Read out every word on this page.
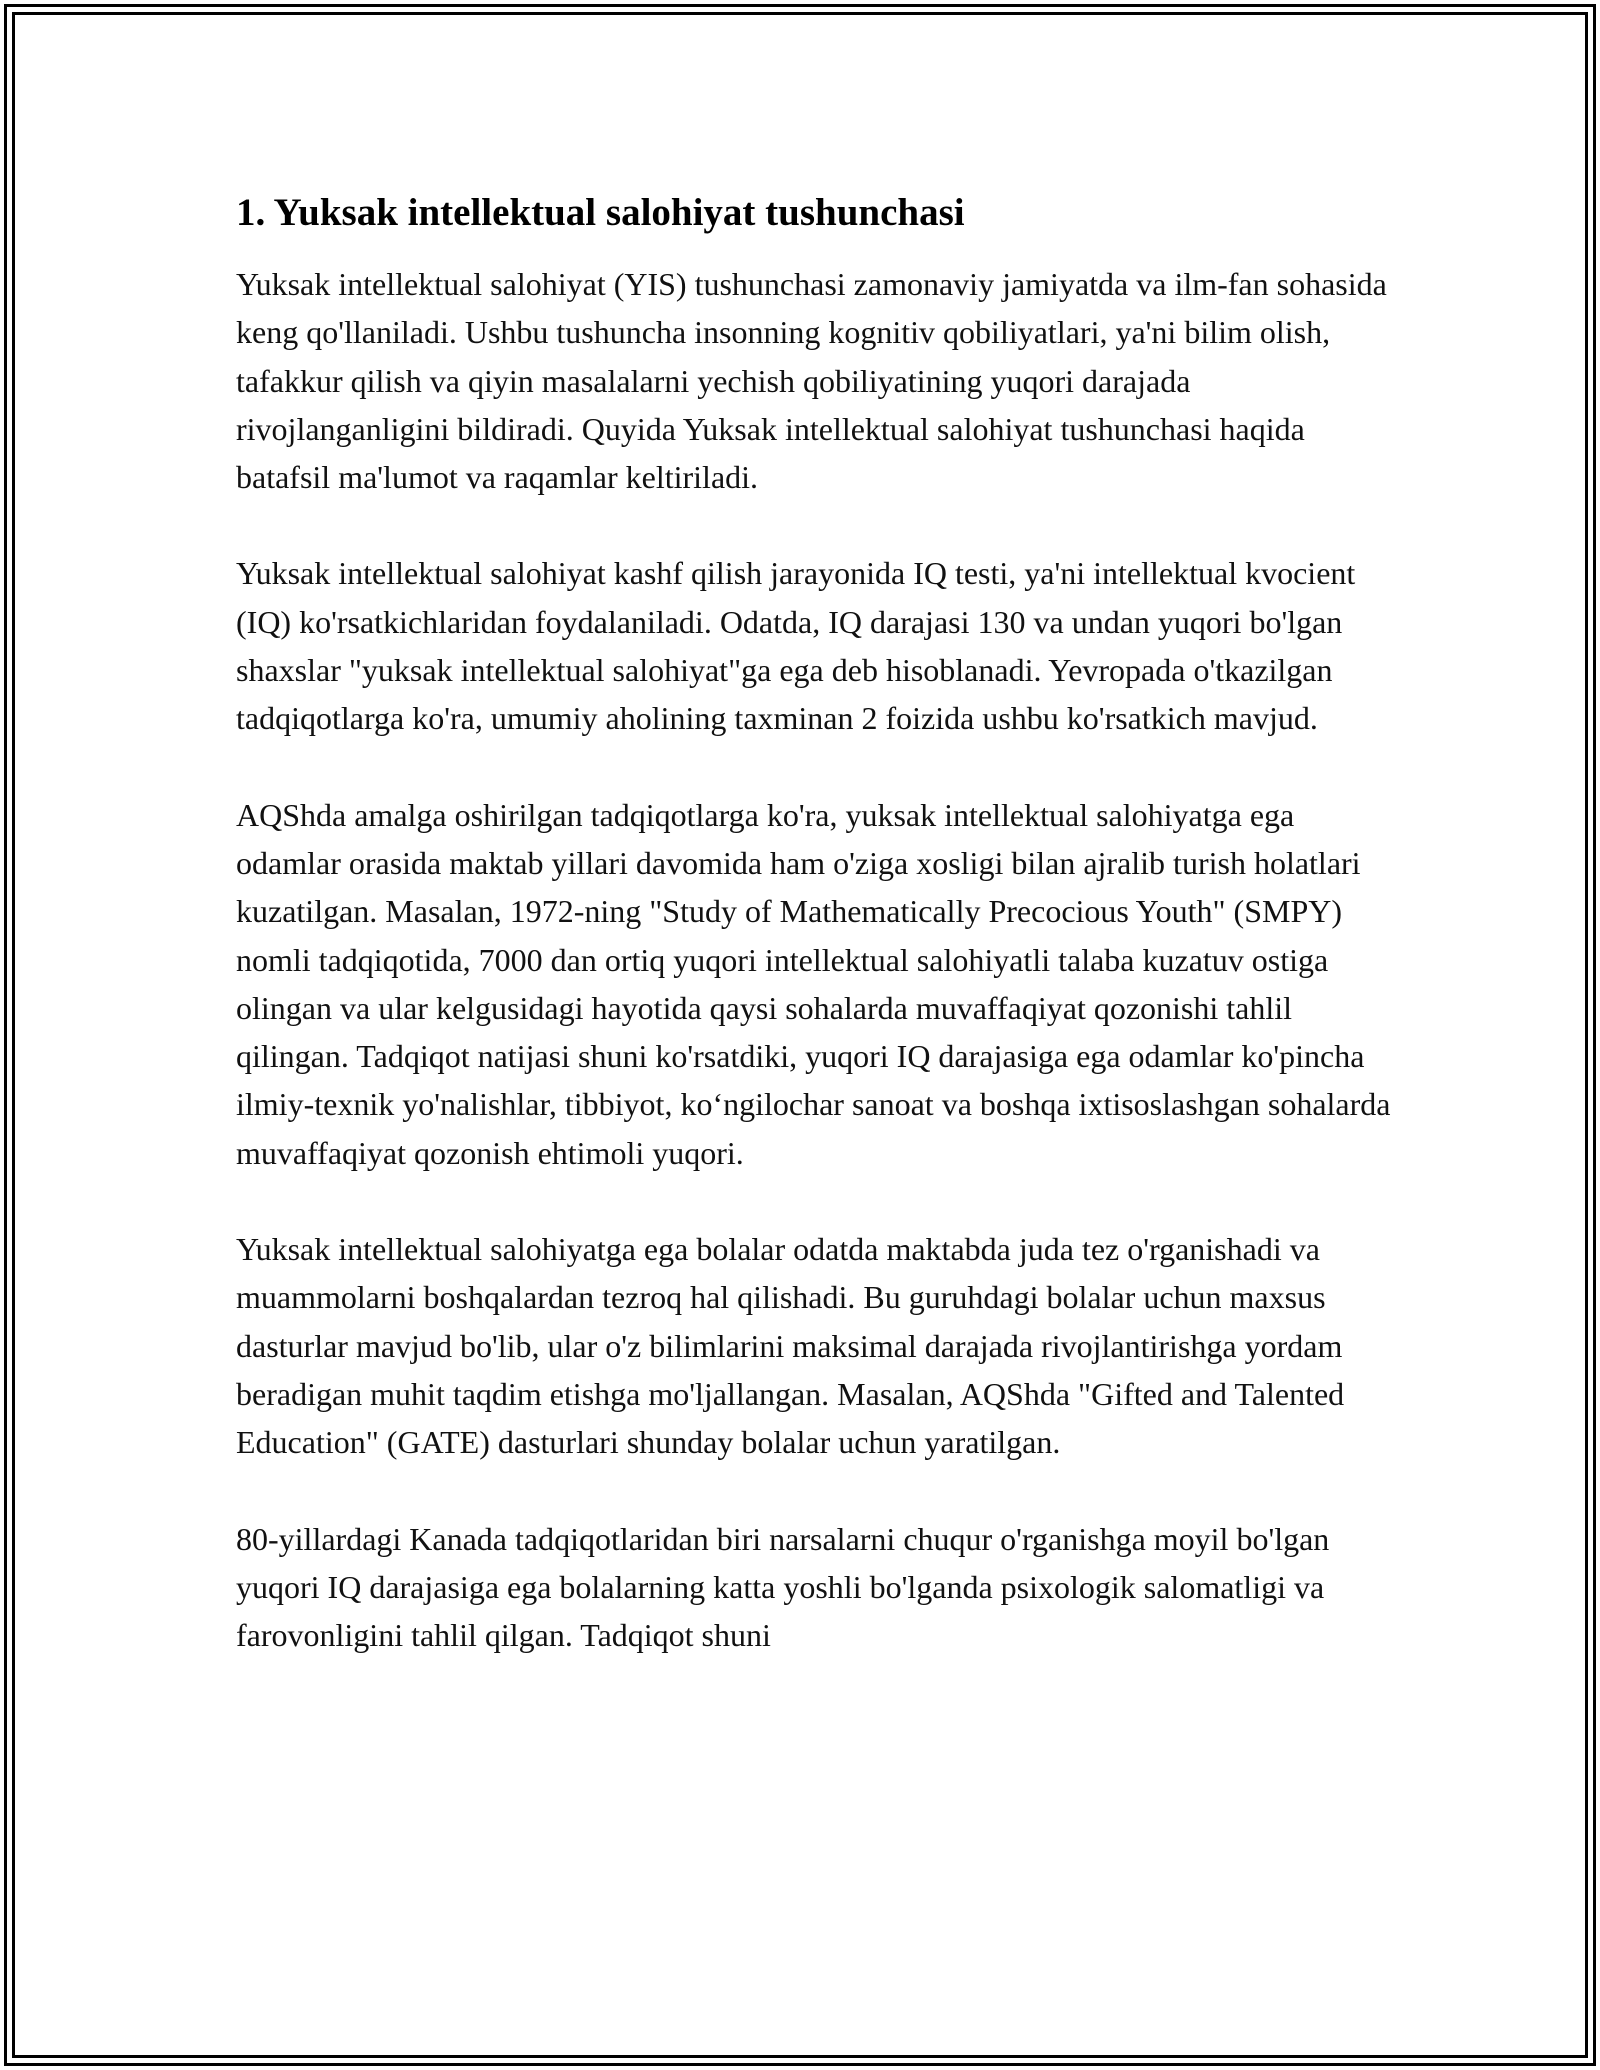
1. Yuksak intellektual salohiyat tushunchasi

Yuksak intellektual salohiyat (YIS) tushunchasi zamonaviy jamiyatda va ilm-fan sohasida keng qo'llaniladi. Ushbu tushuncha insonning kognitiv qobiliyatlari, ya'ni bilim olish, tafakkur qilish va qiyin masalalarni yechish qobiliyatining yuqori darajada rivojlanganligini bildiradi. Quyida Yuksak intellektual salohiyat tushunchasi haqida batafsil ma'lumot va raqamlar keltiriladi.

Yuksak intellektual salohiyat kashf qilish jarayonida IQ testi, ya'ni intellektual kvocient (IQ) ko'rsatkichlaridan foydalaniladi. Odatda, IQ darajasi 130 va undan yuqori bo'lgan shaxslar "yuksak intellektual salohiyat"ga ega deb hisoblanadi. Yevropada o'tkazilgan tadqiqotlarga ko'ra, umumiy aholining taxminan 2 foizida ushbu ko'rsatkich mavjud.

AQShda amalga oshirilgan tadqiqotlarga ko'ra, yuksak intellektual salohiyatga ega odamlar orasida maktab yillari davomida ham o'ziga xosligi bilan ajralib turish holatlari kuzatilgan. Masalan, 1972-ning "Study of Mathematically Precocious Youth" (SMPY) nomli tadqiqotida, 7000 dan ortiq yuqori intellektual salohiyatli talaba kuzatuv ostiga olingan va ular kelgusidagi hayotida qaysi sohalarda muvaffaqiyat qozonishi tahlil qilingan. Tadqiqot natijasi shuni ko'rsatdiki, yuqori IQ darajasiga ega odamlar ko'pincha ilmiy-texnik yo'nalishlar, tibbiyot, koʻngilochar sanoat va boshqa ixtisoslashgan sohalarda muvaffaqiyat qozonish ehtimoli yuqori.

Yuksak intellektual salohiyatga ega bolalar odatda maktabda juda tez o'rganishadi va muammolarni boshqalardan tezroq hal qilishadi. Bu guruhdagi bolalar uchun maxsus dasturlar mavjud bo'lib, ular o'z bilimlarini maksimal darajada rivojlantirishga yordam beradigan muhit taqdim etishga mo'ljallangan. Masalan, AQShda "Gifted and Talented Education" (GATE) dasturlari shunday bolalar uchun yaratilgan.

80-yillardagi Kanada tadqiqotlaridan biri narsalarni chuqur o'rganishga moyil bo'lgan yuqori IQ darajasiga ega bolalarning katta yoshli bo'lganda psixologik salomatligi va farovonligini tahlil qilgan. Tadqiqot shuni
